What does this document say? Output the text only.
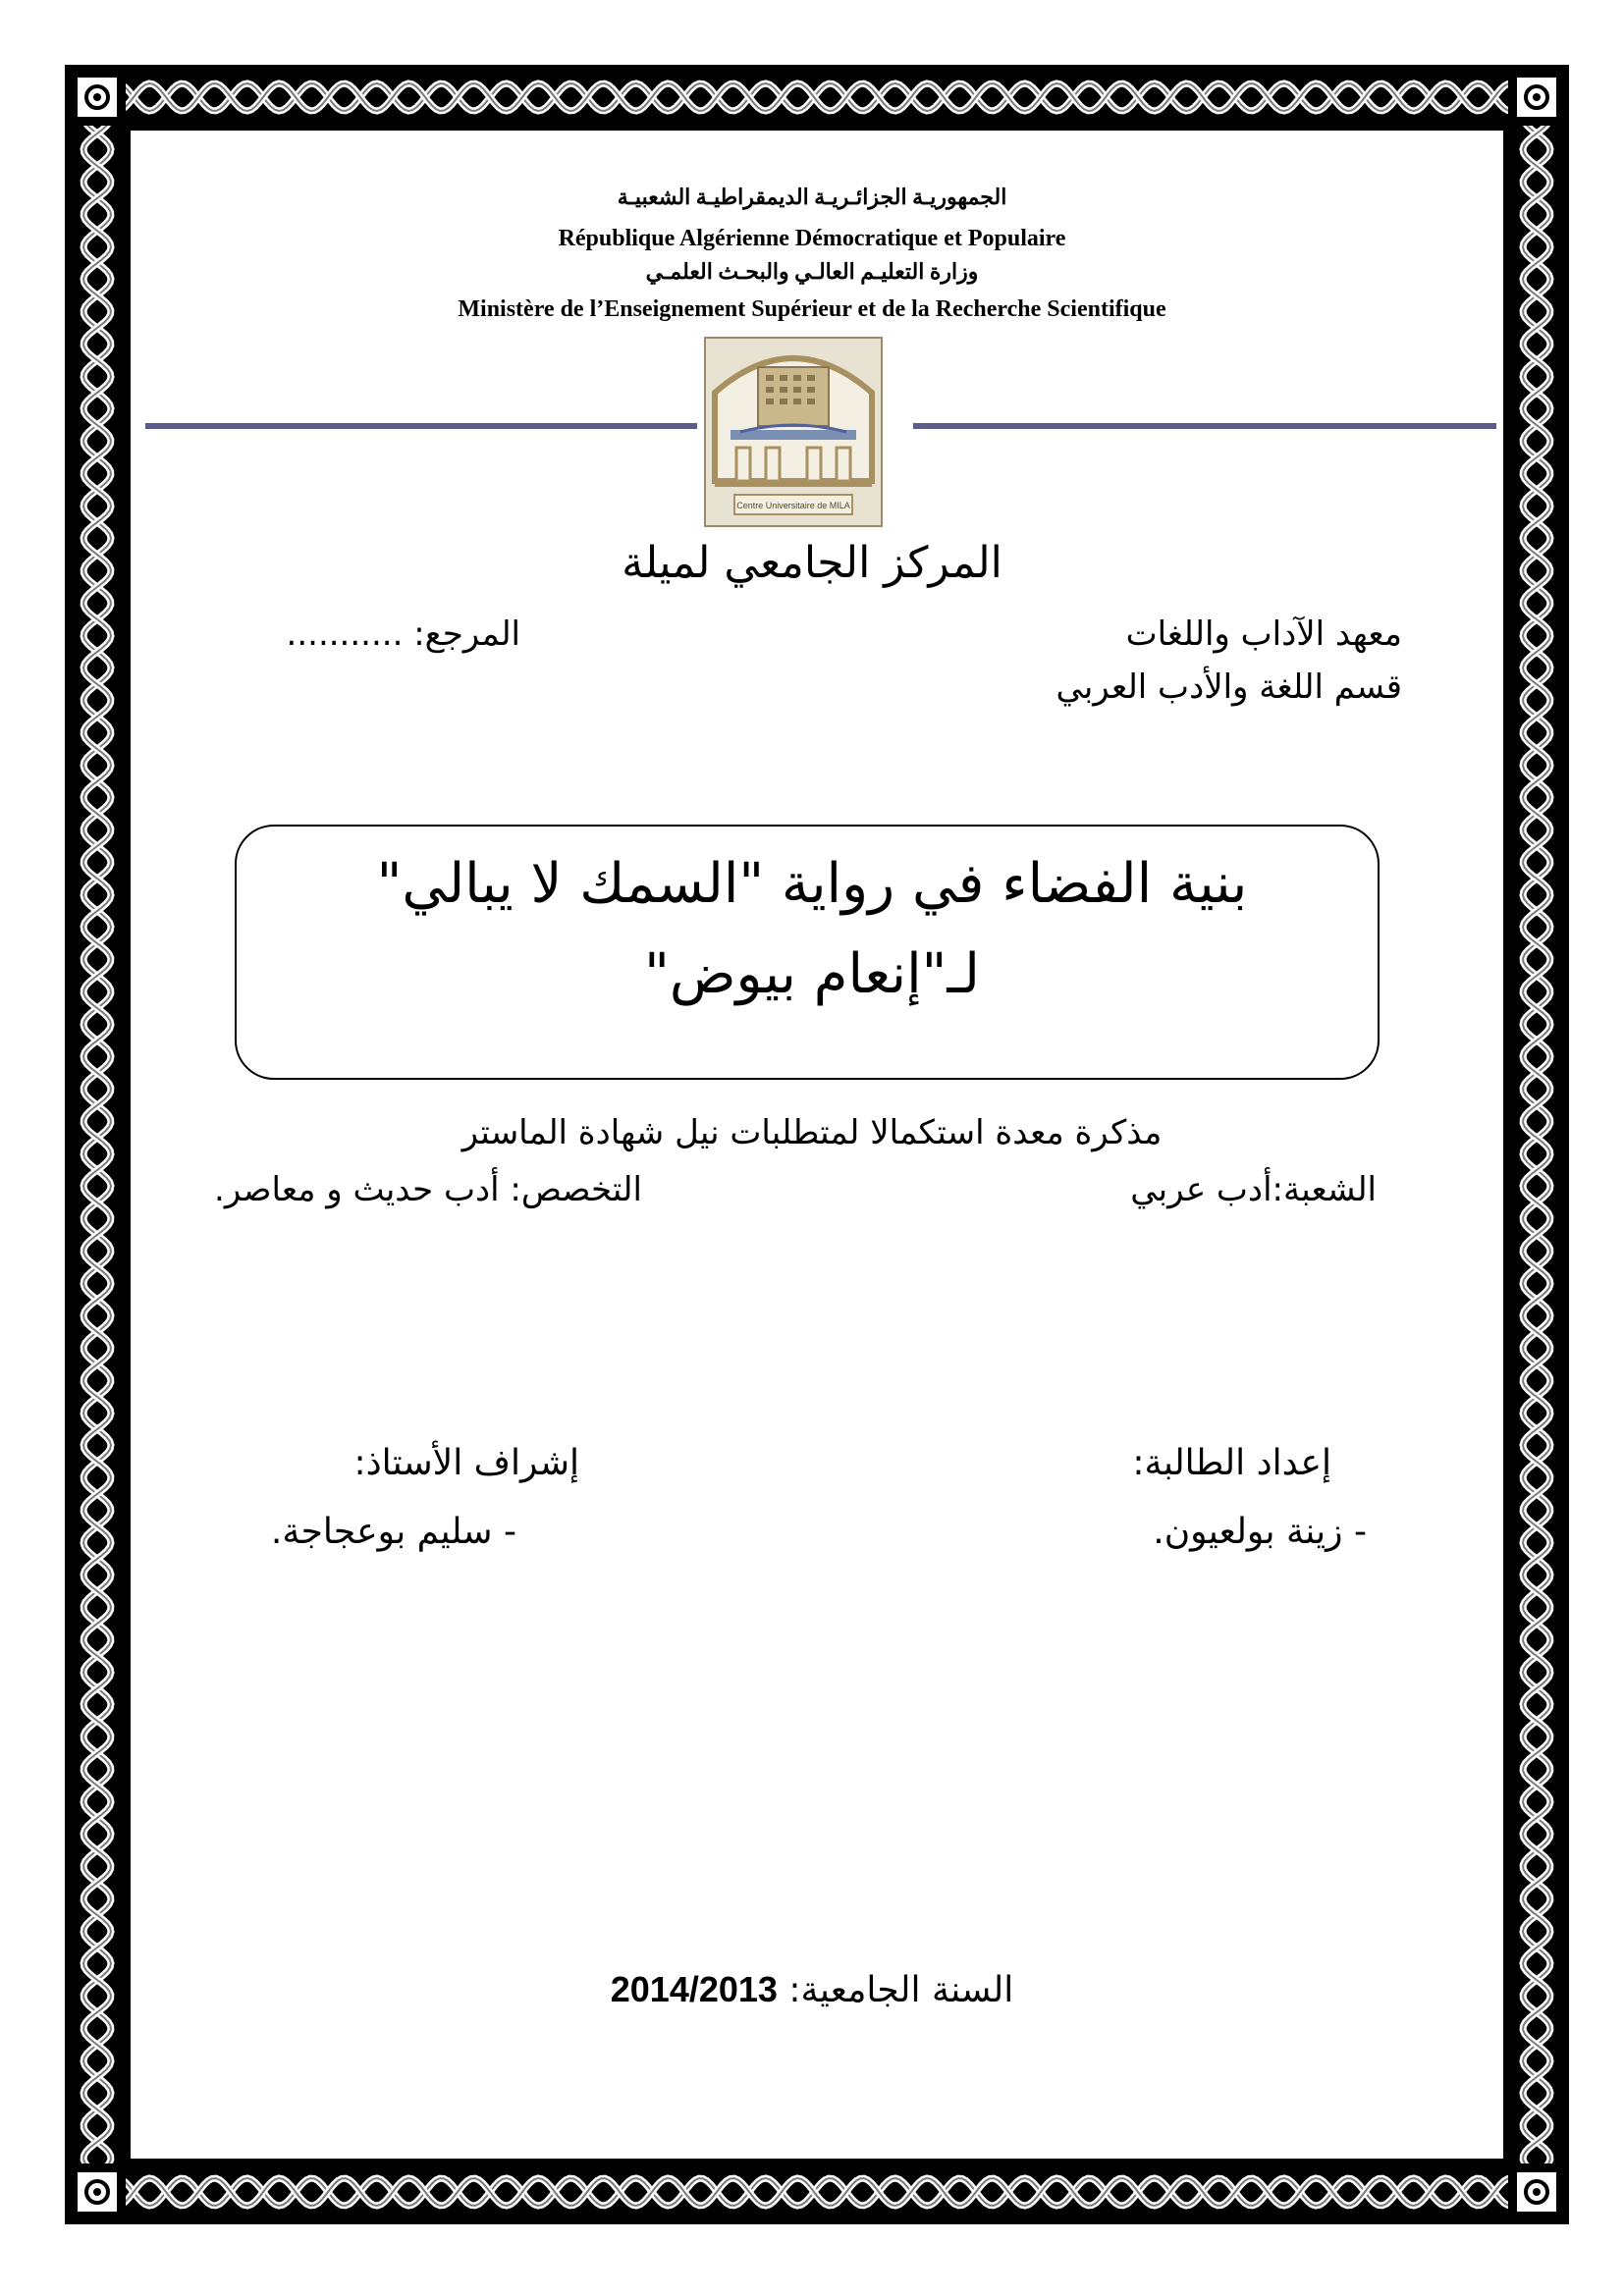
الجمهوريـة الجزائـريـة الديمقراطيـة الشعبيـة
République Algérienne Démocratique et Populaire
وزارة التعليـم العالـي والبحـث العلمـي
Ministère de l’Enseignement Supérieur et de la Recherche Scientifique
Centre Universitaire de MILA
المركز الجامعي لميلة
معهد الآداب واللغات
المرجع: ...........
قسم اللغة والأدب العربي
بنية الفضاء في رواية "السمك لا يبالي"
لـ"إنعام بيوض"
مذكرة معدة استكمالا لمتطلبات نيل شهادة الماستر
الشعبة:أدب عربي
التخصص: أدب حديث و معاصر.
إعداد الطالبة:
إشراف الأستاذ:
- زينة بولعيون.
- سليم بوعجاجة.
السنة الجامعية: 2014/2013
